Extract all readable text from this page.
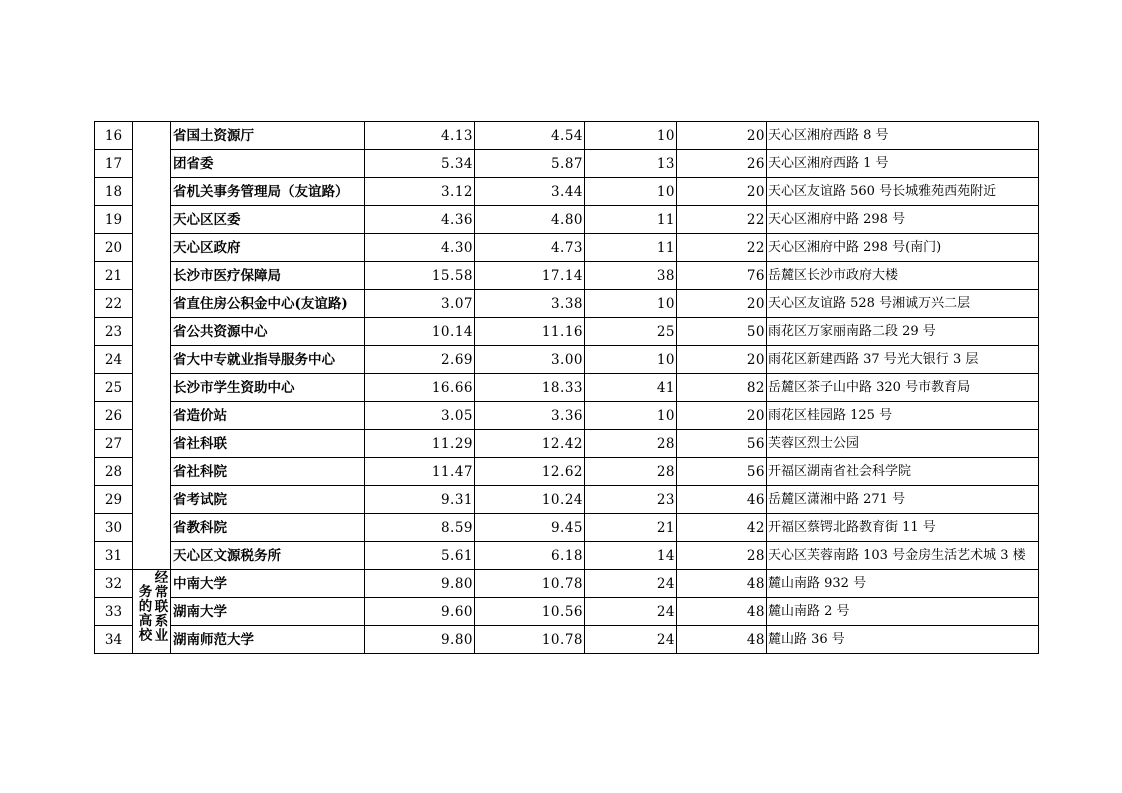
16		省国土资源厅	4.13	4.54	10	20	天心区湘府西路 8 号
17		团省委	5.34	5.87	13	26	天心区湘府西路 1 号
18		省机关事务管理局（友谊路）	3.12	3.44	10	20	天心区友谊路 560 号长城雅苑西苑附近
19		天心区区委	4.36	4.80	11	22	天心区湘府中路 298 号
20		天心区政府	4.30	4.73	11	22	天心区湘府中路 298 号(南门)
21		长沙市医疗保障局	15.58	17.14	38	76	岳麓区长沙市政府大楼
22		省直住房公积金中心(友谊路)	3.07	3.38	10	20	天心区友谊路 528 号湘诚万兴二层
23		省公共资源中心	10.14	11.16	25	50	雨花区万家丽南路二段 29 号
24		省大中专就业指导服务中心	2.69	3.00	10	20	雨花区新建西路 37 号光大银行 3 层
25		长沙市学生资助中心	16.66	18.33	41	82	岳麓区茶子山中路 320 号市教育局
26		省造价站	3.05	3.36	10	20	雨花区桂园路 125 号
27		省社科联	11.29	12.42	28	56	芙蓉区烈士公园
28		省社科院	11.47	12.62	28	56	开福区湖南省社会科学院
29		省考试院	9.31	10.24	23	46	岳麓区潇湘中路 271 号
30		省教科院	8.59	9.45	21	42	开福区蔡锷北路教育街 11 号
31		天心区文源税务所	5.61	6.18	14	28	天心区芙蓉南路 103 号金房生活艺术城 3 楼
32	经常联系业
务的高校	中南大学	9.80	10.78	24	48	麓山南路 932 号
33		湖南大学	9.60	10.56	24	48	麓山南路 2 号
34		湖南师范大学	9.80	10.78	24	48	麓山路 36 号
